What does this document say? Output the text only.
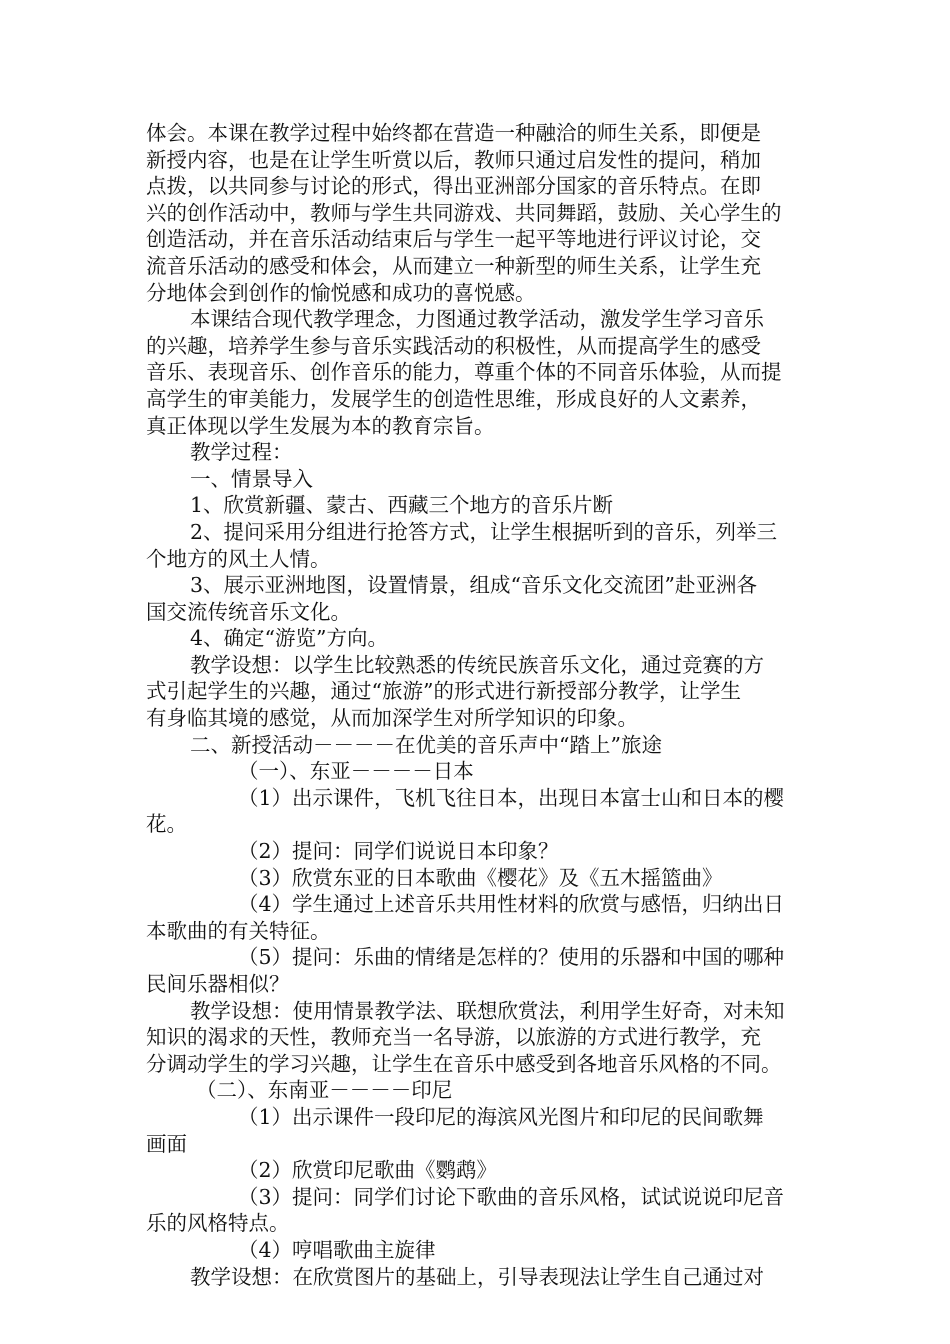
体会。本课在教学过程中始终都在营造一种融洽的师生关系，即便是
新授内容，也是在让学生听赏以后，教师只通过启发性的提问，稍加
点拨，以共同参与讨论的形式，得出亚洲部分国家的音乐特点。在即
兴的创作活动中，教师与学生共同游戏、共同舞蹈，鼓励、关心学生的
创造活动，并在音乐活动结束后与学生一起平等地进行评议讨论，交
流音乐活动的感受和体会，从而建立一种新型的师生关系，让学生充
分地体会到创作的愉悦感和成功的喜悦感。
本课结合现代教学理念，力图通过教学活动，激发学生学习音乐
的兴趣，培养学生参与音乐实践活动的积极性，从而提高学生的感受
音乐、表现音乐、创作音乐的能力，尊重个体的不同音乐体验，从而提
高学生的审美能力，发展学生的创造性思维，形成良好的人文素养，
真正体现以学生发展为本的教育宗旨。
教学过程：
一、情景导入
1、欣赏新疆、蒙古、西藏三个地方的音乐片断
2、提问采用分组进行抢答方式，让学生根据听到的音乐，列举三
个地方的风土人情。
3、展示亚洲地图，设置情景，组成“音乐文化交流团”赴亚洲各
国交流传统音乐文化。
4、确定“游览”方向。
教学设想：以学生比较熟悉的传统民族音乐文化，通过竞赛的方
式引起学生的兴趣，通过“旅游”的形式进行新授部分教学，让学生
有身临其境的感觉，从而加深学生对所学知识的印象。
二、新授活动－－－－在优美的音乐声中“踏上”旅途
（一）、东亚－－－－日本
（1）出示课件，飞机飞往日本，出现日本富士山和日本的樱
花。
（2）提问：同学们说说日本印象？
（3）欣赏东亚的日本歌曲《樱花》及《五木摇篮曲》
（4）学生通过上述音乐共用性材料的欣赏与感悟，归纳出日
本歌曲的有关特征。
（5）提问：乐曲的情绪是怎样的？使用的乐器和中国的哪种
民间乐器相似？
教学设想：使用情景教学法、联想欣赏法，利用学生好奇，对未知
知识的渴求的天性，教师充当一名导游，以旅游的方式进行教学，充
分调动学生的学习兴趣，让学生在音乐中感受到各地音乐风格的不同。
（二）、东南亚－－－－印尼
（1）出示课件一段印尼的海滨风光图片和印尼的民间歌舞
画面
（2）欣赏印尼歌曲《鹦鹉》
（3）提问：同学们讨论下歌曲的音乐风格，试试说说印尼音
乐的风格特点。
（4）哼唱歌曲主旋律
教学设想：在欣赏图片的基础上，引导表现法让学生自己通过对
